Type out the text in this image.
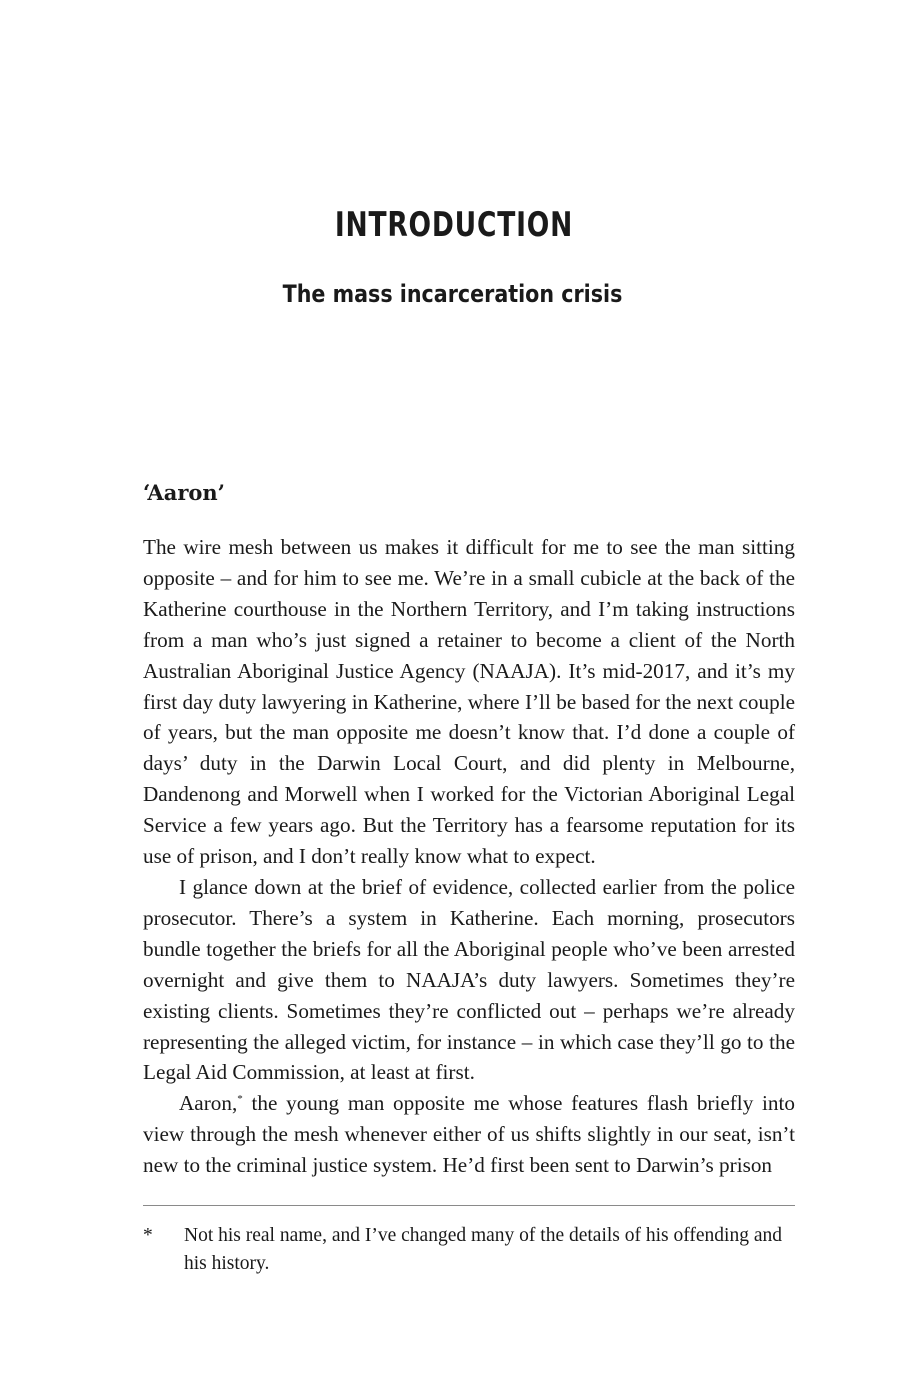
INTRODUCTION
The mass incarceration crisis
‘Aaron’

The wire mesh between us makes it difficult for me to see the man sitting opposite – and for him to see me. We’re in a small cubicle at the back of the Katherine courthouse in the Northern Territory, and I’m taking instructions from a man who’s just signed a retainer to become a client of the North Australian Aboriginal Justice Agency (NAAJA). It’s mid-2017, and it’s my first day duty lawyering in Katherine, where I’ll be based for the next couple of years, but the man opposite me doesn’t know that. I’d done a couple of days’ duty in the Darwin Local Court, and did plenty in Melbourne, Dandenong and Morwell when I worked for the Victorian Aboriginal Legal Service a few years ago. But the Territory has a fearsome reputation for its use of prison, and I don’t really know what to expect.

I glance down at the brief of evidence, collected earlier from the police prosecutor. There’s a system in Katherine. Each morning, prosecutors bundle together the briefs for all the Aboriginal people who’ve been arrested overnight and give them to NAAJA’s duty lawyers. Sometimes they’re existing clients. Sometimes they’re conflicted out – perhaps we’re already representing the alleged victim, for instance – in which case they’ll go to the Legal Aid Commission, at least at first.

Aaron,* the young man opposite me whose features flash briefly into view through the mesh whenever either of us shifts slightly in our seat, isn’t new to the criminal justice system. He’d first been sent to Darwin’s prison

* Not his real name, and I’ve changed many of the details of his offending and his history.
